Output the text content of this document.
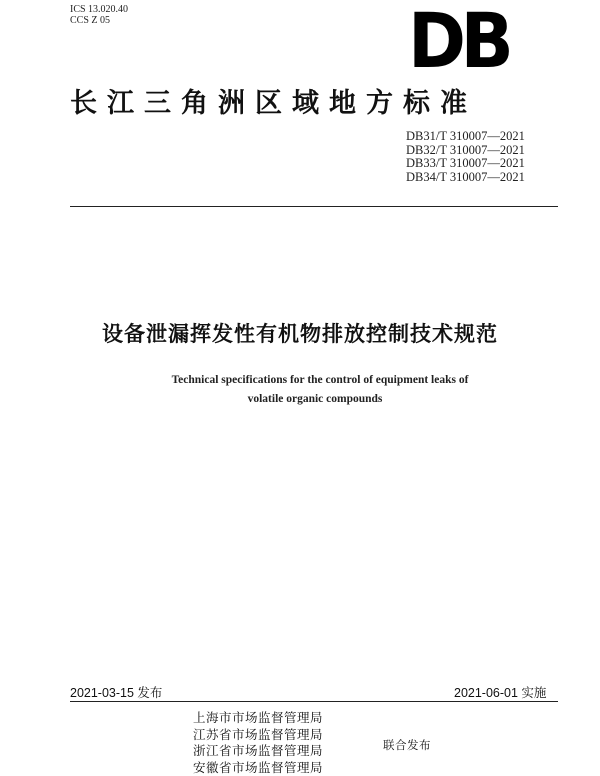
ICS 13.020.40
CCS Z 05	DB
长江三角洲区域地方标准
DB31/T 310007—2021
DB32/T 310007—2021
DB33/T 310007—2021
DB34/T 310007—2021
设备泄漏挥发性有机物排放控制技术规范
Technical specifications for the control of equipment leaks of
volatile organic compounds
2021-03-15 发布	2021-06-01 实施
上海市市场监督管理局
江苏省市场监督管理局
浙江省市场监督管理局
安徽省市场监督管理局
联合发布
